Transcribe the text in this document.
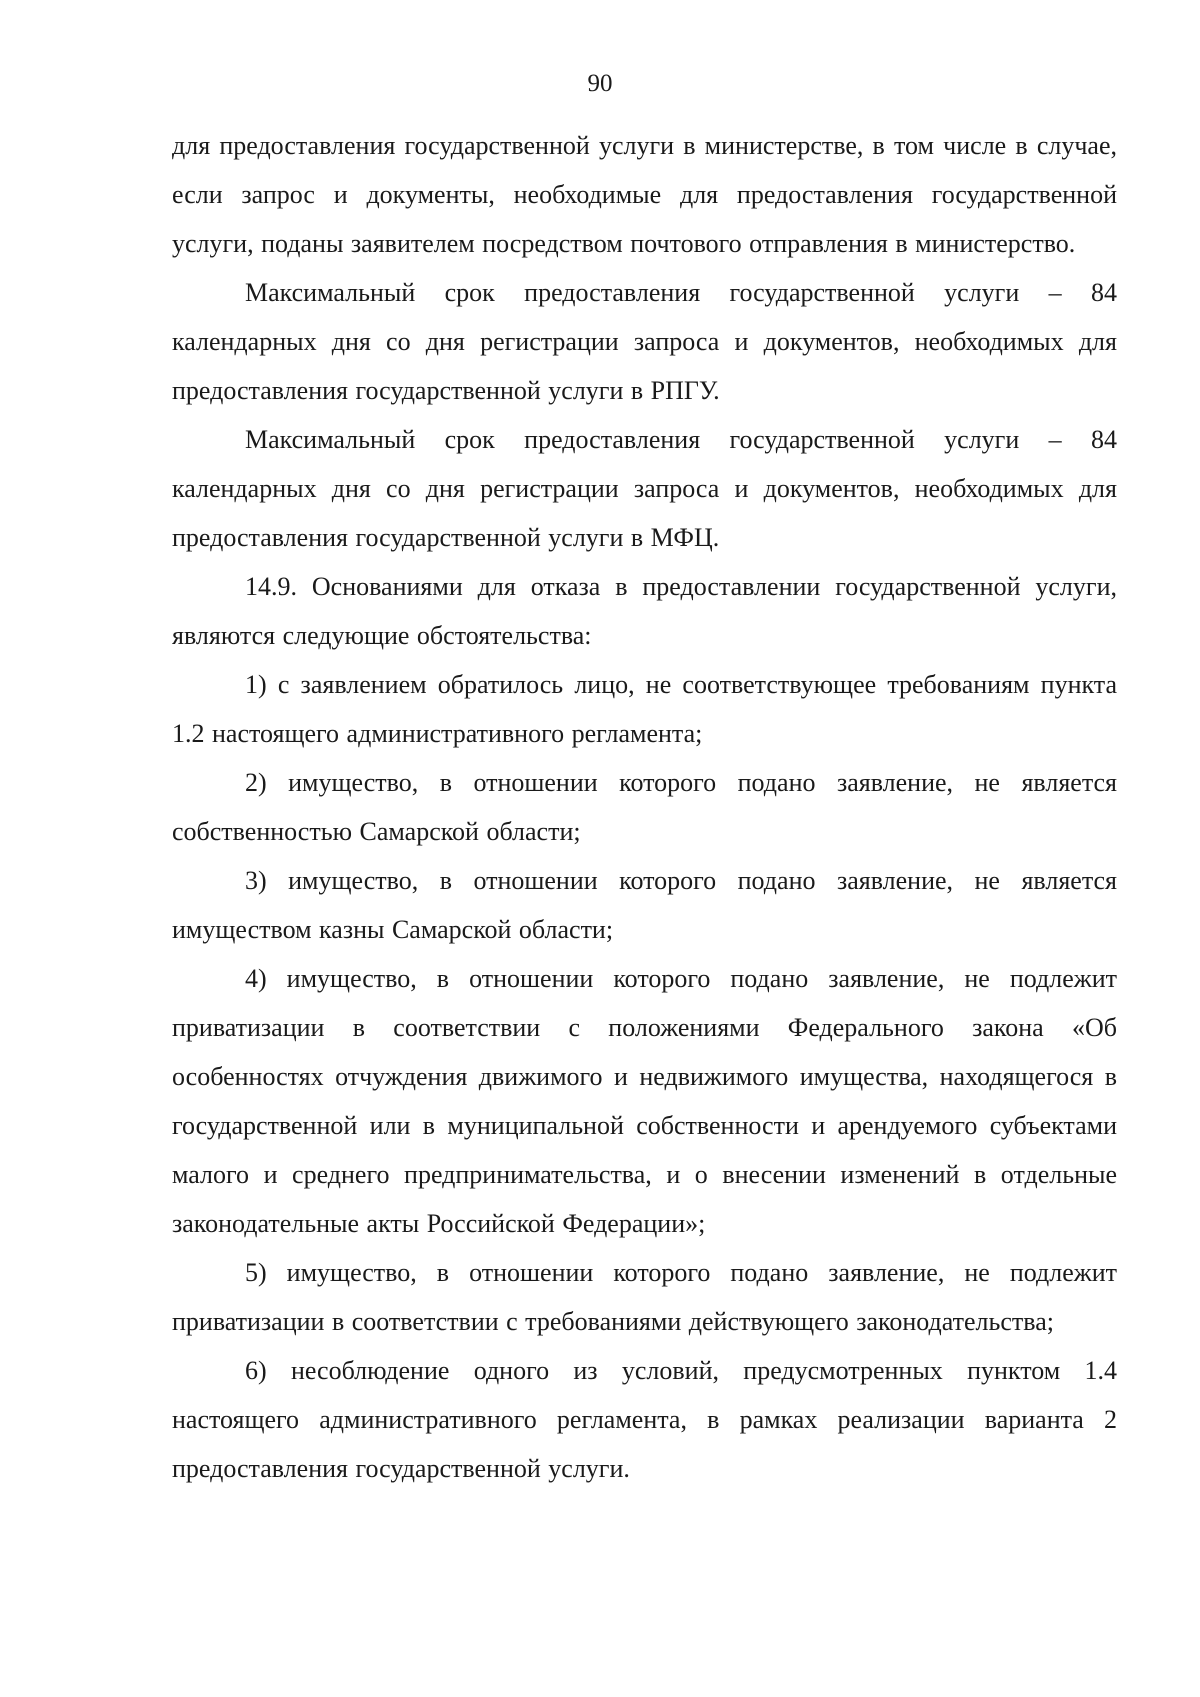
90

для предоставления государственной услуги в министерстве, в том числе в случае, если запрос и документы, необходимые для предоставления государственной услуги, поданы заявителем посредством почтового отправления в министерство.

Максимальный срок предоставления государственной услуги – 84 календарных дня со дня регистрации запроса и документов, необходимых для предоставления государственной услуги в РПГУ.

Максимальный срок предоставления государственной услуги – 84 календарных дня со дня регистрации запроса и документов, необходимых для предоставления государственной услуги в МФЦ.

14.9. Основаниями для отказа в предоставлении государственной услуги, являются следующие обстоятельства:

1) с заявлением обратилось лицо, не соответствующее требованиям пункта 1.2 настоящего административного регламента;

2) имущество, в отношении которого подано заявление, не является собственностью Самарской области;

3) имущество, в отношении которого подано заявление, не является имуществом казны Самарской области;

4) имущество, в отношении которого подано заявление, не подлежит приватизации в соответствии с положениями Федерального закона «Об особенностях отчуждения движимого и недвижимого имущества, находящегося в государственной или в муниципальной собственности и арендуемого субъектами малого и среднего предпринимательства, и о внесении изменений в отдельные законодательные акты Российской Федерации»;

5) имущество, в отношении которого подано заявление, не подлежит приватизации в соответствии с требованиями действующего законодательства;

6) несоблюдение одного из условий, предусмотренных пунктом 1.4 настоящего административного регламента, в рамках реализации варианта 2 предоставления государственной услуги.
